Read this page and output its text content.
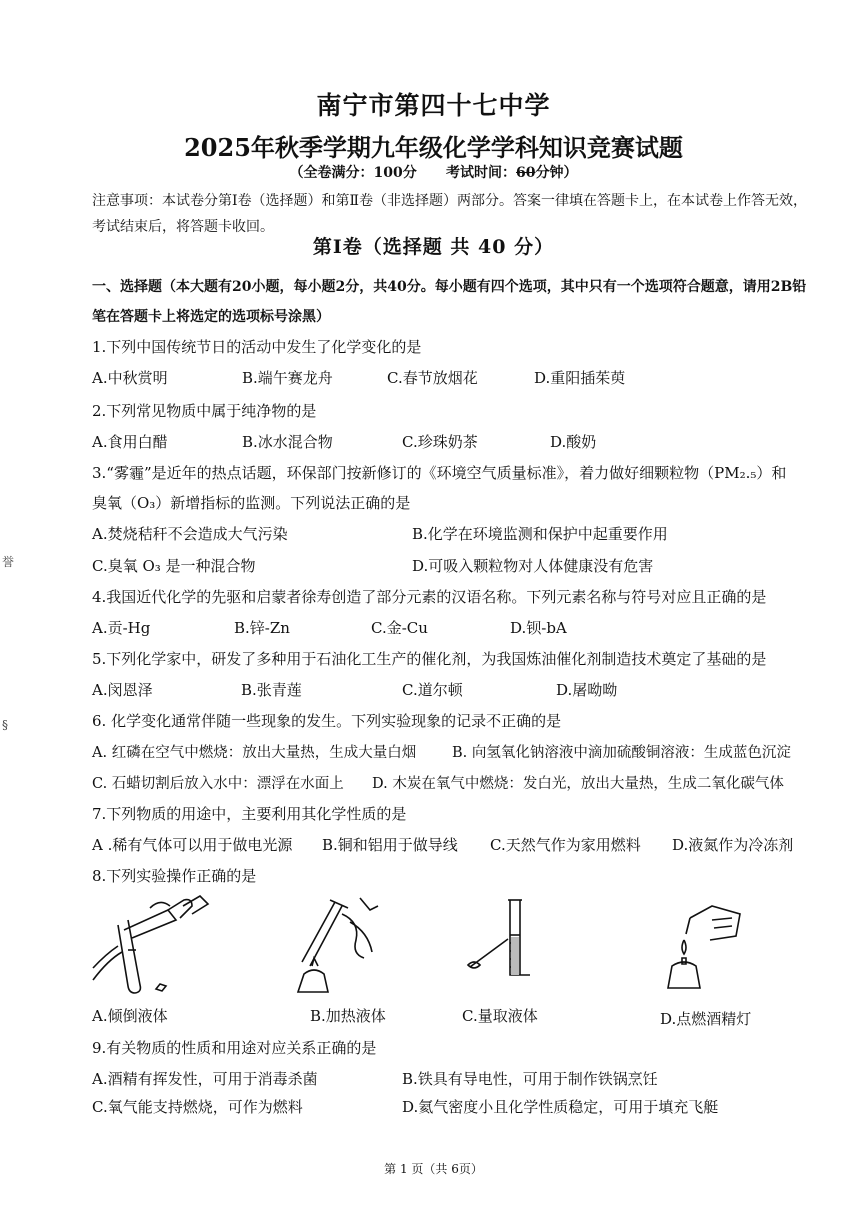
南宁市第四十七中学
2025年秋季学期九年级化学学科知识竞赛试题
（全卷满分：100分 考试时间：60分钟）
注意事项：本试卷分第Ⅰ卷（选择题）和第Ⅱ卷（非选择题）两部分。答案一律填在答题卡上，在本试卷上作答无效，考试结束后，将答题卡收回。
第Ⅰ卷（选择题 共 40 分）
一、选择题（本大题有20小题，每小题2分，共40分。每小题有四个选项，其中只有一个选项符合题意，请用2B铅笔在答题卡上将选定的选项标号涂黑）
1.下列中国传统节日的活动中发生了化学变化的是
A.中秋赏明	B.端午赛龙舟	C.春节放烟花	D.重阳插茱萸
2.下列常见物质中属于纯净物的是
A.食用白醋	B.冰水混合物	C.珍珠奶茶	D.酸奶
3.“雾霾”是近年的热点话题，环保部门按新修订的《环境空气质量标准》，着力做好细颗粒物（PM₂.₅）和
臭氧（O₃）新增指标的监测。下列说法正确的是
A.焚烧秸秆不会造成大气污染	B.化学在环境监测和保护中起重要作用
C.臭氧 O₃ 是一种混合物	D.可吸入颗粒物对人体健康没有危害
4.我国近代化学的先驱和启蒙者徐寿创造了部分元素的汉语名称。下列元素名称与符号对应且正确的是
A.贡-Hg	B.锌-Zn	C.金-Cu	D.钡-bA
5.下列化学家中，研发了多种用于石油化工生产的催化剂，为我国炼油催化剂制造技术奠定了基础的是
A.闵恩泽	B.张青莲	C.道尔顿	D.屠呦呦
6. 化学变化通常伴随一些现象的发生。下列实验现象的记录不正确的是
A. 红磷在空气中燃烧：放出大量热，生成大量白烟 B. 向氢氧化钠溶液中滴加硫酸铜溶液：生成蓝色沉淀
C. 石蜡切割后放入水中：漂浮在水面上 D. 木炭在氧气中燃烧：发白光，放出大量热，生成二氧化碳气体
7.下列物质的用途中，主要利用其化学性质的是
A .稀有气体可以用于做电光源 B.铜和铝用于做导线 C.天然气作为家用燃料 D.液氮作为冷冻剂
8.下列实验操作正确的是
A.倾倒液体	B.加热液体	C.量取液体	D.点燃酒精灯
9.有关物质的性质和用途对应关系正确的是
A.酒精有挥发性，可用于消毒杀菌	B.铁具有导电性，可用于制作铁锅烹饪
C.氧气能支持燃烧，可作为燃料	D.氦气密度小且化学性质稳定，可用于填充飞艇
第 1 页（共 6页）
誉
§
